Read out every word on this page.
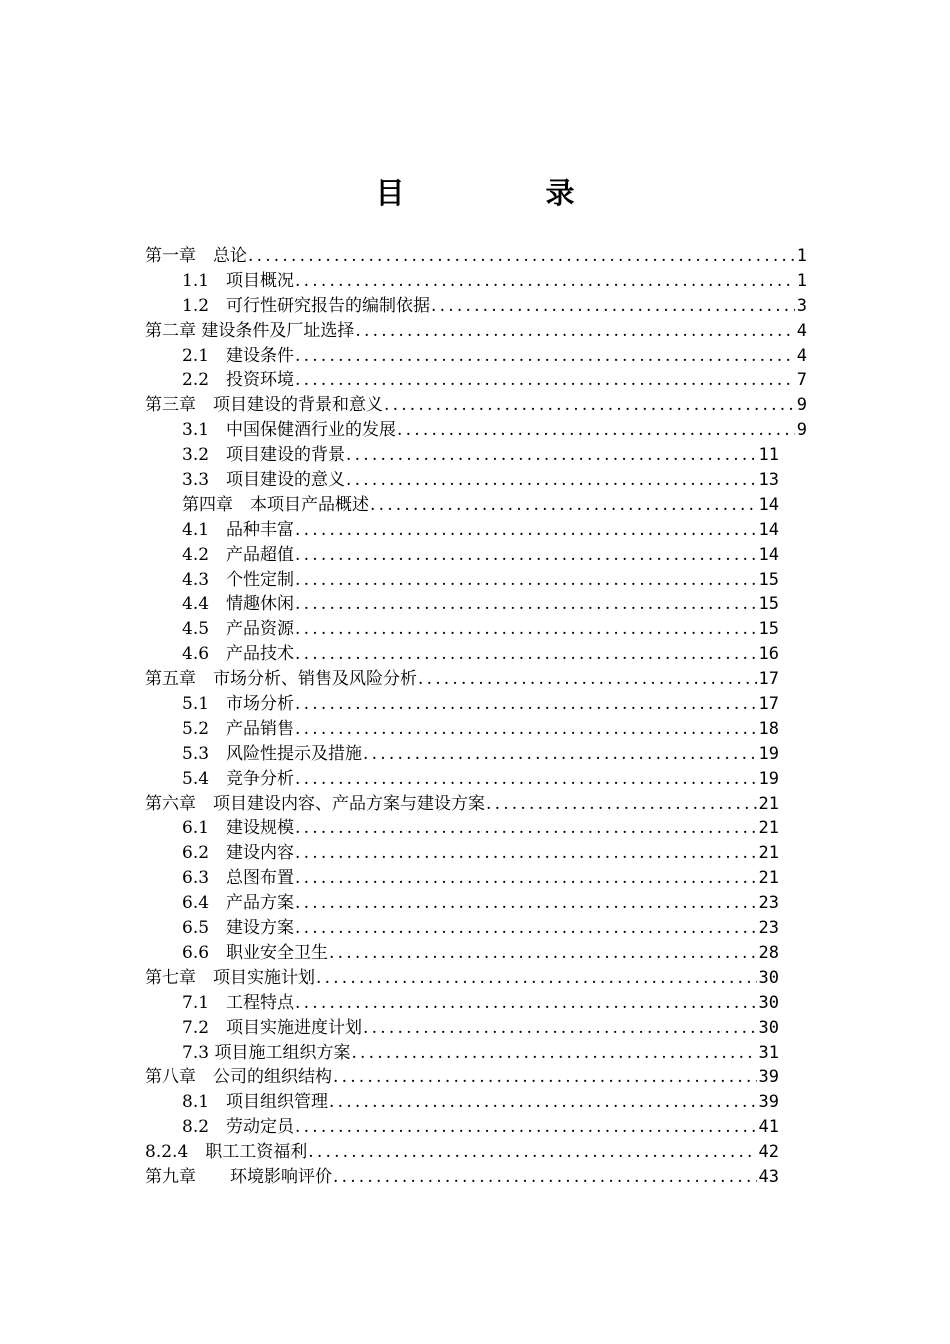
目　录
第一章　总论 .....	1
1.1　项目概况 .....	1
1.2　可行性研究报告的编制依据 .....	3
第二章 建设条件及厂址选择 .....	4
2.1　建设条件 .....	4
2.2　投资环境 .....	7
第三章　项目建设的背景和意义 .....	9
3.1　中国保健酒行业的发展 .....	9
3.2　项目建设的背景 .....	11
3.3　项目建设的意义 .....	13
第四章　本项目产品概述 .....	14
4.1　品种丰富 .....	14
4.2　产品超值 .....	14
4.3　个性定制 .....	15
4.4　情趣休闲 .....	15
4.5　产品资源 .....	15
4.6　产品技术 .....	16
第五章　市场分析、销售及风险分析 .....	17
5.1　市场分析 .....	17
5.2　产品销售 .....	18
5.3　风险性提示及措施 .....	19
5.4　竞争分析 .....	19
第六章　项目建设内容、产品方案与建设方案 .....	21
6.1　建设规模 .....	21
6.2　建设内容 .....	21
6.3　总图布置 .....	21
6.4　产品方案 .....	23
6.5　建设方案 .....	23
6.6　职业安全卫生 .....	28
第七章　项目实施计划 .....	30
7.1　工程特点 .....	30
7.2　项目实施进度计划 .....	30
7.3 项目施工组织方案 .....	31
第八章　公司的组织结构 .....	39
8.1　项目组织管理 .....	39
8.2　劳动定员 .....	41
8.2.4　职工工资福利 .....	42
第九章　　环境影响评价 .....	43
